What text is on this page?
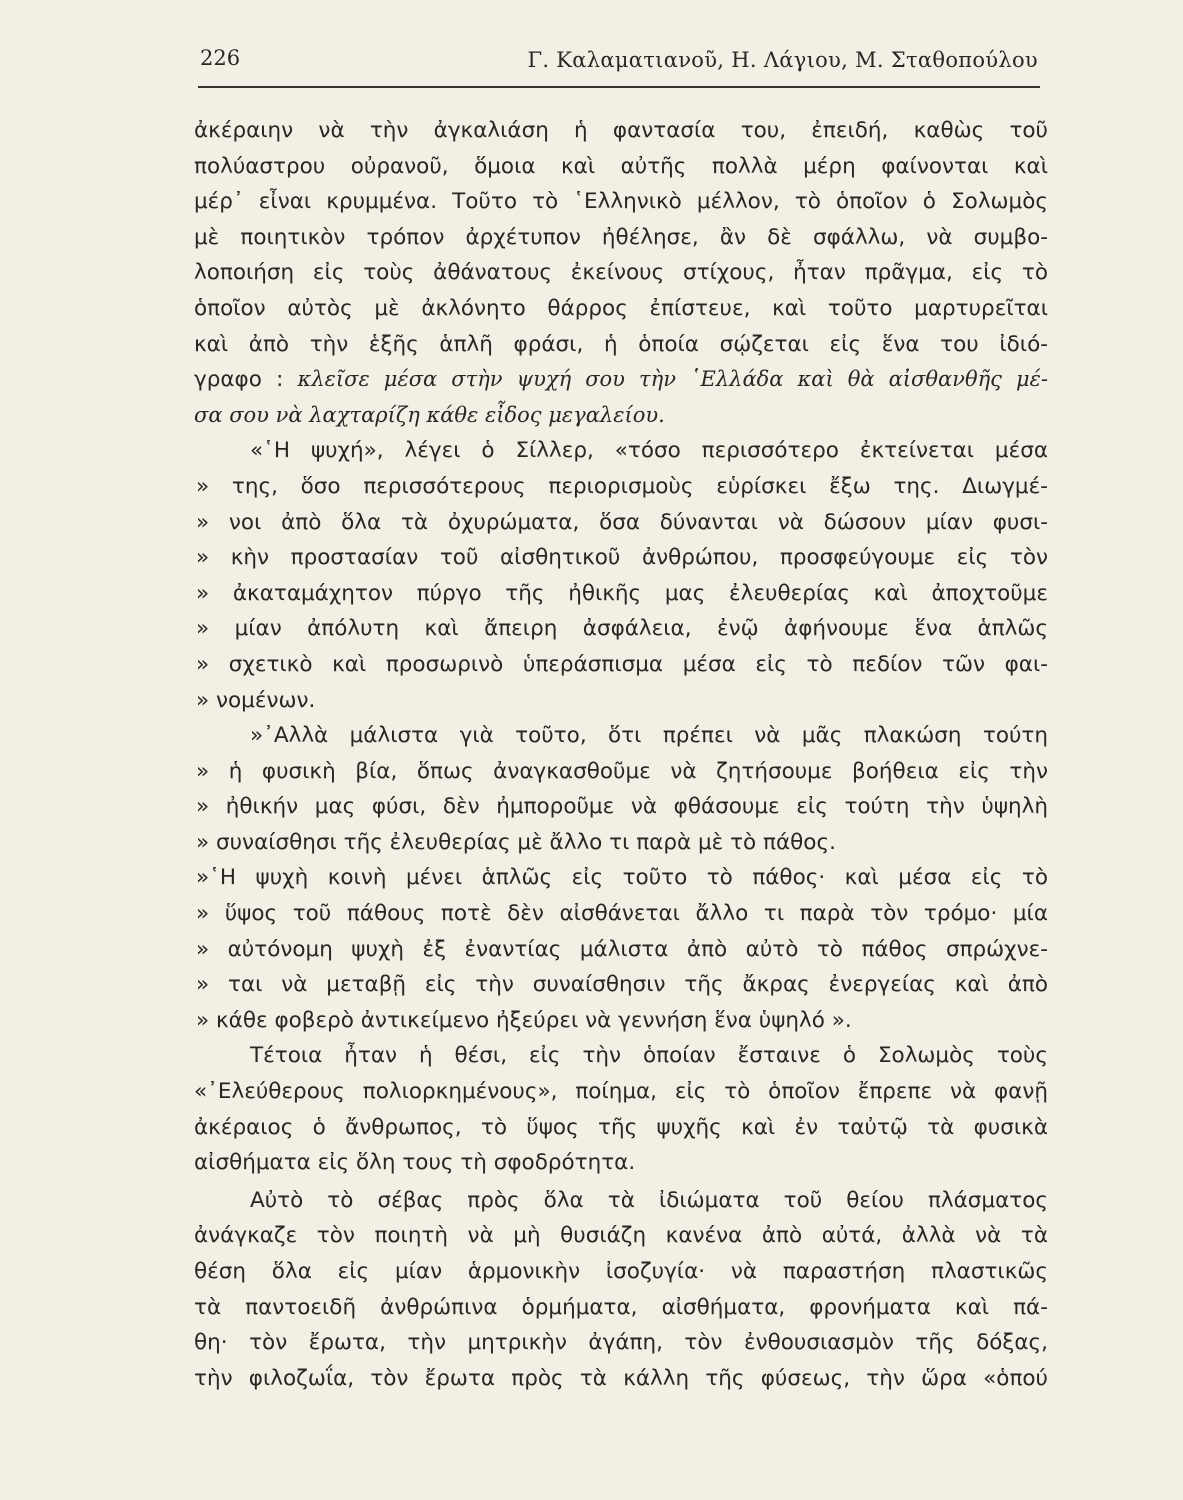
226	Γ. Καλαματιανοῦ, Η. Λάγιου, Μ. Σταθοπούλου
ἀκέραιην νὰ τὴν ἀγκαλιάση ἡ φαντασία του, ἐπειδή, καθὼς τοῦ
πολύαστρου οὐρανοῦ, ὅμοια καὶ αὐτῆς πολλὰ μέρη φαίνονται καὶ
μέρ᾽ εἶναι κρυμμένα. Τοῦτο τὸ ῾Ελληνικὸ μέλλον, τὸ ὁποῖον ὁ Σολωμὸς
μὲ ποιητικὸν τρόπον ἀρχέτυπον ἠθέλησε, ἂν δὲ σφάλλω, νὰ συμβο-
λοποιήση εἰς τοὺς ἀθάνατους ἐκείνους στίχους, ἦταν πρᾶγμα, εἰς τὸ
ὁποῖον αὐτὸς μὲ ἀκλόνητο θάρρος ἐπίστευε, καὶ τοῦτο μαρτυρεῖται
καὶ ἀπὸ τὴν ἑξῆς ἁπλῆ φράσι, ἡ ὁποία σῴζεται εἰς ἕνα του ἰδιό-
γραφο : κλεῖσε μέσα στὴν ψυχή σου τὴν ῾Ελλάδα καὶ θὰ αἰσθανθῆς μέ-
σα σου νὰ λαχταρίζη κάθε εἶδος μεγαλείου.
«῾Η ψυχή», λέγει ὁ Σίλλερ, «τόσο περισσότερο ἐκτείνεται μέσα
» της, ὅσο περισσότερους περιορισμοὺς εὑρίσκει ἔξω της. Διωγμέ-
» νοι ἀπὸ ὅλα τὰ ὀχυρώματα, ὅσα δύνανται νὰ δώσουν μίαν φυσι-
» κὴν προστασίαν τοῦ αἰσθητικοῦ ἀνθρώπου, προσφεύγουμε εἰς τὸν
» ἀκαταμάχητον πύργο τῆς ἠθικῆς μας ἐλευθερίας καὶ ἀποχτοῦμε
» μίαν ἀπόλυτη καὶ ἄπειρη ἀσφάλεια, ἐνῷ ἀφήνουμε ἕνα ἁπλῶς
» σχετικὸ καὶ προσωρινὸ ὑπεράσπισμα μέσα εἰς τὸ πεδίον τῶν φαι-
» νομένων.
»᾽Αλλὰ μάλιστα γιὰ τοῦτο, ὅτι πρέπει νὰ μᾶς πλακώση τούτη
» ἡ φυσικὴ βία, ὅπως ἀναγκασθοῦμε νὰ ζητήσουμε βοήθεια εἰς τὴν
» ἠθικήν μας φύσι, δὲν ἠμποροῦμε νὰ φθάσουμε εἰς τούτη τὴν ὑψηλὴ
» συναίσθησι τῆς ἐλευθερίας μὲ ἄλλο τι παρὰ μὲ τὸ πάθος.
»῾Η ψυχὴ κοινὴ μένει ἁπλῶς εἰς τοῦτο τὸ πάθος· καὶ μέσα εἰς τὸ
» ὕψος τοῦ πάθους ποτὲ δὲν αἰσθάνεται ἄλλο τι παρὰ τὸν τρόμο· μία
» αὐτόνομη ψυχὴ ἐξ ἐναντίας μάλιστα ἀπὸ αὐτὸ τὸ πάθος σπρώχνε-
» ται νὰ μεταβῇ εἰς τὴν συναίσθησιν τῆς ἄκρας ἐνεργείας καὶ ἀπὸ
» κάθε φοβερὸ ἀντικείμενο ἠξεύρει νὰ γεννήση ἕνα ὑψηλό ».
Τέτοια ἦταν ἡ θέσι, εἰς τὴν ὁποίαν ἔσταινε ὁ Σολωμὸς τοὺς
«᾽Ελεύθερους πολιορκημένους», ποίημα, εἰς τὸ ὁποῖον ἔπρεπε νὰ φανῇ
ἀκέραιος ὁ ἄνθρωπος, τὸ ὕψος τῆς ψυχῆς καὶ ἐν ταὐτῷ τὰ φυσικὰ
αἰσθήματα εἰς ὅλη τους τὴ σφοδρότητα.
Αὐτὸ τὸ σέβας πρὸς ὅλα τὰ ἰδιώματα τοῦ θείου πλάσματος
ἀνάγκαζε τὸν ποιητὴ νὰ μὴ θυσιάζη κανένα ἀπὸ αὐτά, ἀλλὰ νὰ τὰ
θέση ὅλα εἰς μίαν ἁρμονικὴν ἰσοζυγία· νὰ παραστήση πλαστικῶς
τὰ παντοειδῆ ἀνθρώπινα ὁρμήματα, αἰσθήματα, φρονήματα καὶ πά-
θη· τὸν ἔρωτα, τὴν μητρικὴν ἀγάπη, τὸν ἐνθουσιασμὸν τῆς δόξας,
τὴν φιλοζωΐα, τὸν ἔρωτα πρὸς τὰ κάλλη τῆς φύσεως, τὴν ὥρα «ὁπού
